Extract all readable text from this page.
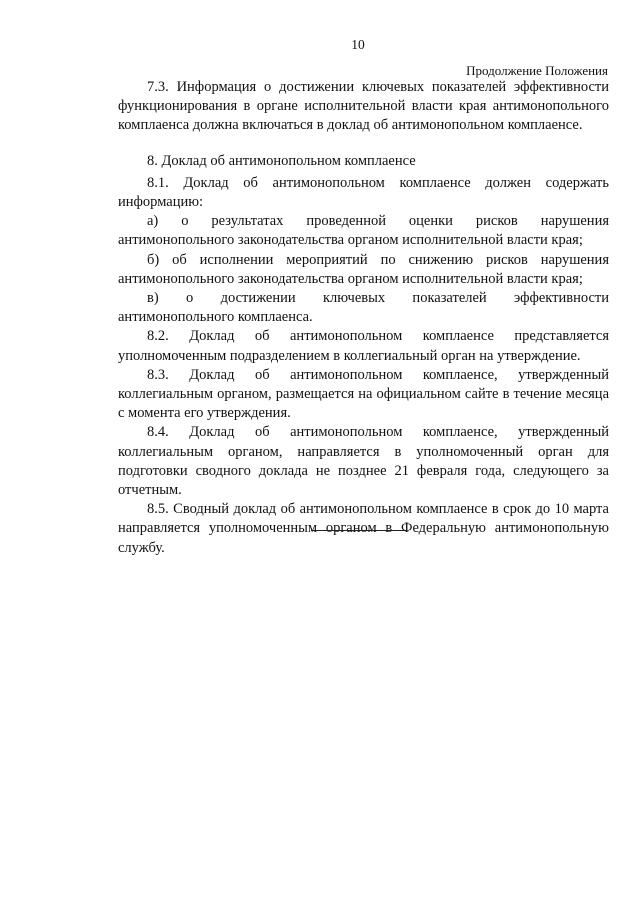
10
Продолжение Положения

7.3. Информация о достижении ключевых показателей эффективности функционирования в органе исполнительной власти края антимонопольного комплаенса должна включаться в доклад об антимонопольном комплаенсе.

8. Доклад об антимонопольном комплаенсе

8.1. Доклад об антимонопольном комплаенсе должен содержать информацию:

а) о результатах проведенной оценки рисков нарушения антимонопольного законодательства органом исполнительной власти края;

б) об исполнении мероприятий по снижению рисков нарушения антимонопольного законодательства органом исполнительной власти края;

в) о достижении ключевых показателей эффективности антимонопольного комплаенса.

8.2. Доклад об антимонопольном комплаенсе представляется уполномоченным подразделением в коллегиальный орган на утверждение.

8.3. Доклад об антимонопольном комплаенсе, утвержденный коллегиальным органом, размещается на официальном сайте в течение месяца с момента его утверждения.

8.4. Доклад об антимонопольном комплаенсе, утвержденный коллегиальным органом, направляется в уполномоченный орган для подготовки сводного доклада не позднее 21 февраля года, следующего за отчетным.

8.5. Сводный доклад об антимонопольном комплаенсе в срок до 10 марта направляется уполномоченным органом в Федеральную антимонопольную службу.
